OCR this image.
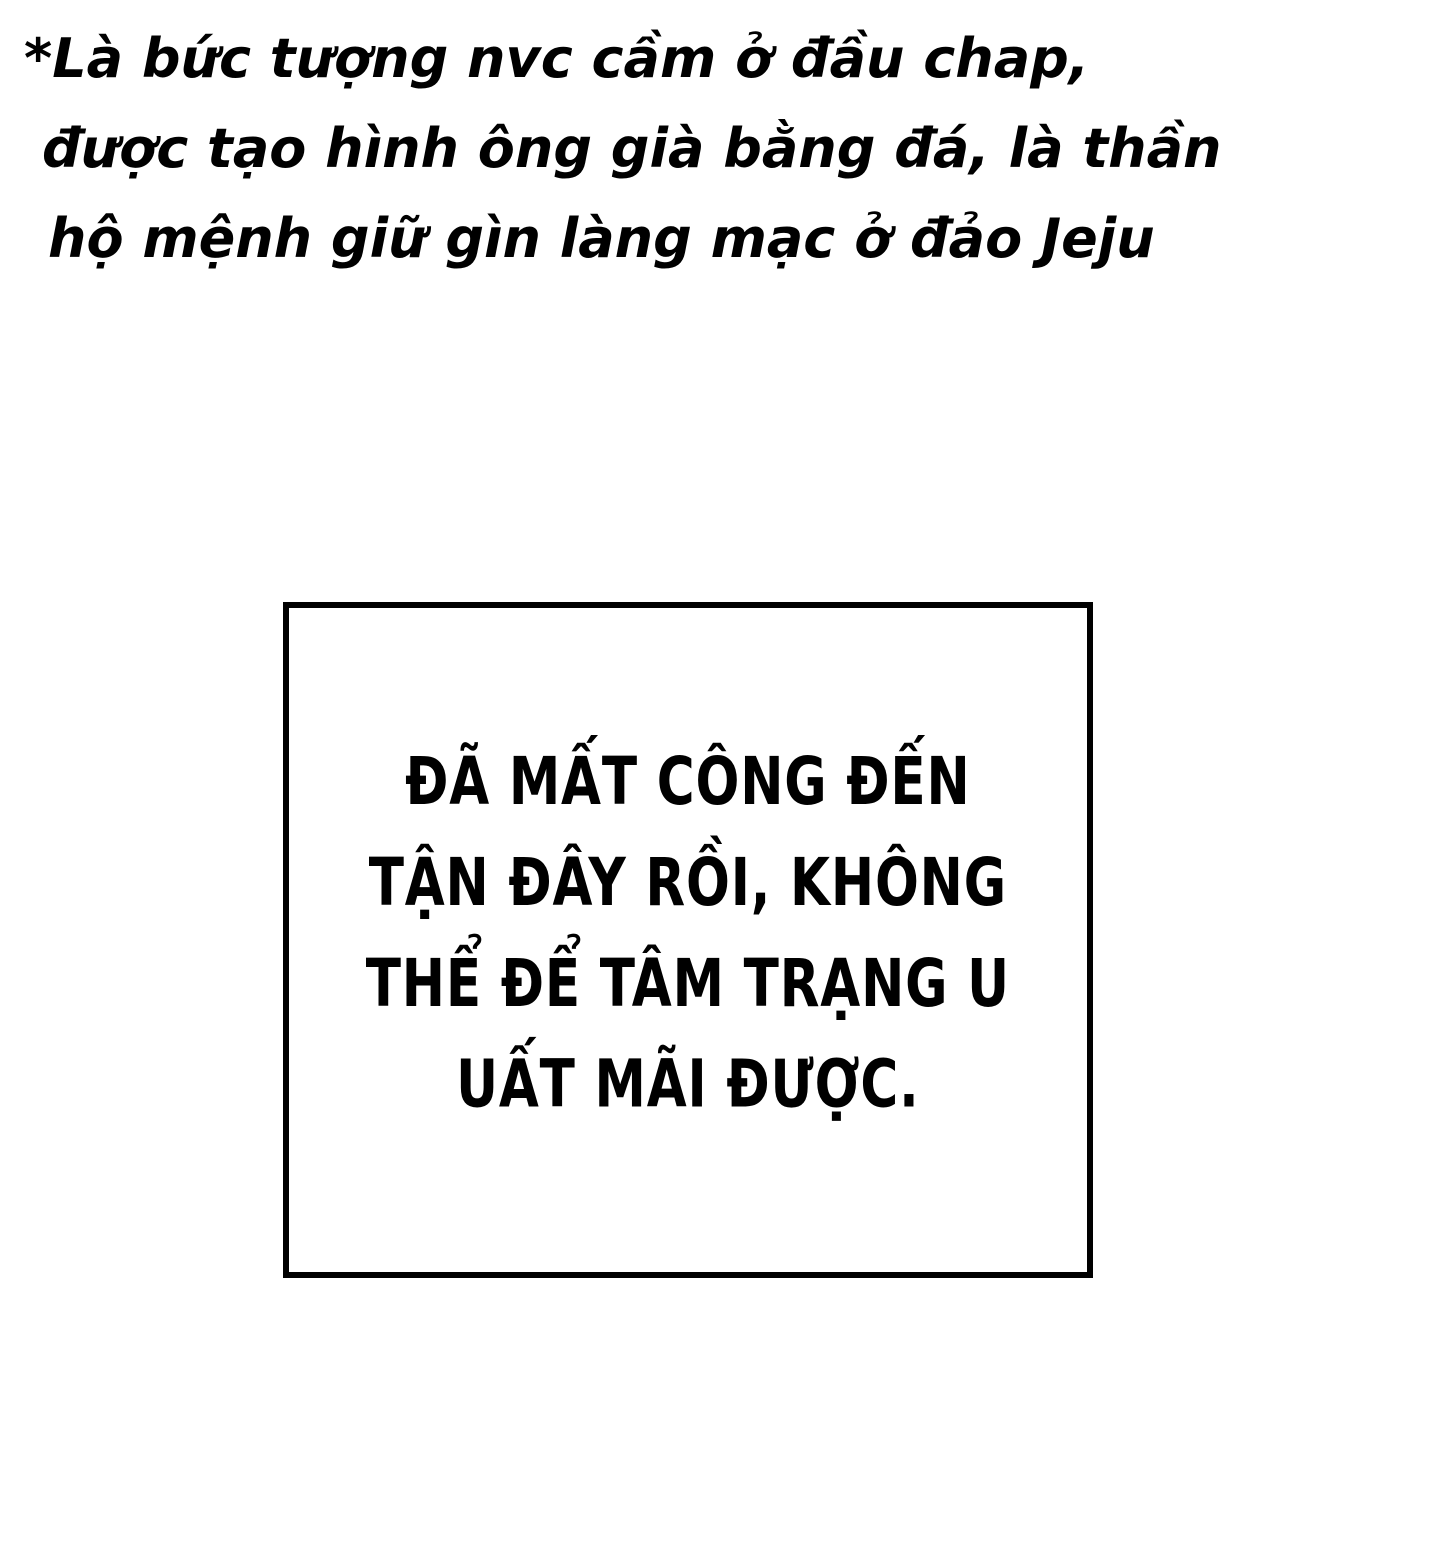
*Là bức tượng nvc cầm ở đầu chap,
được tạo hình ông già bằng đá, là thần
hộ mệnh giữ gìn làng mạc ở đảo Jeju
ĐÃ MẤT CÔNG ĐẾN
TẬN ĐÂY RỒI, KHÔNG
THỂ ĐỂ TÂM TRẠNG U
UẤT MÃI ĐƯỢC.
